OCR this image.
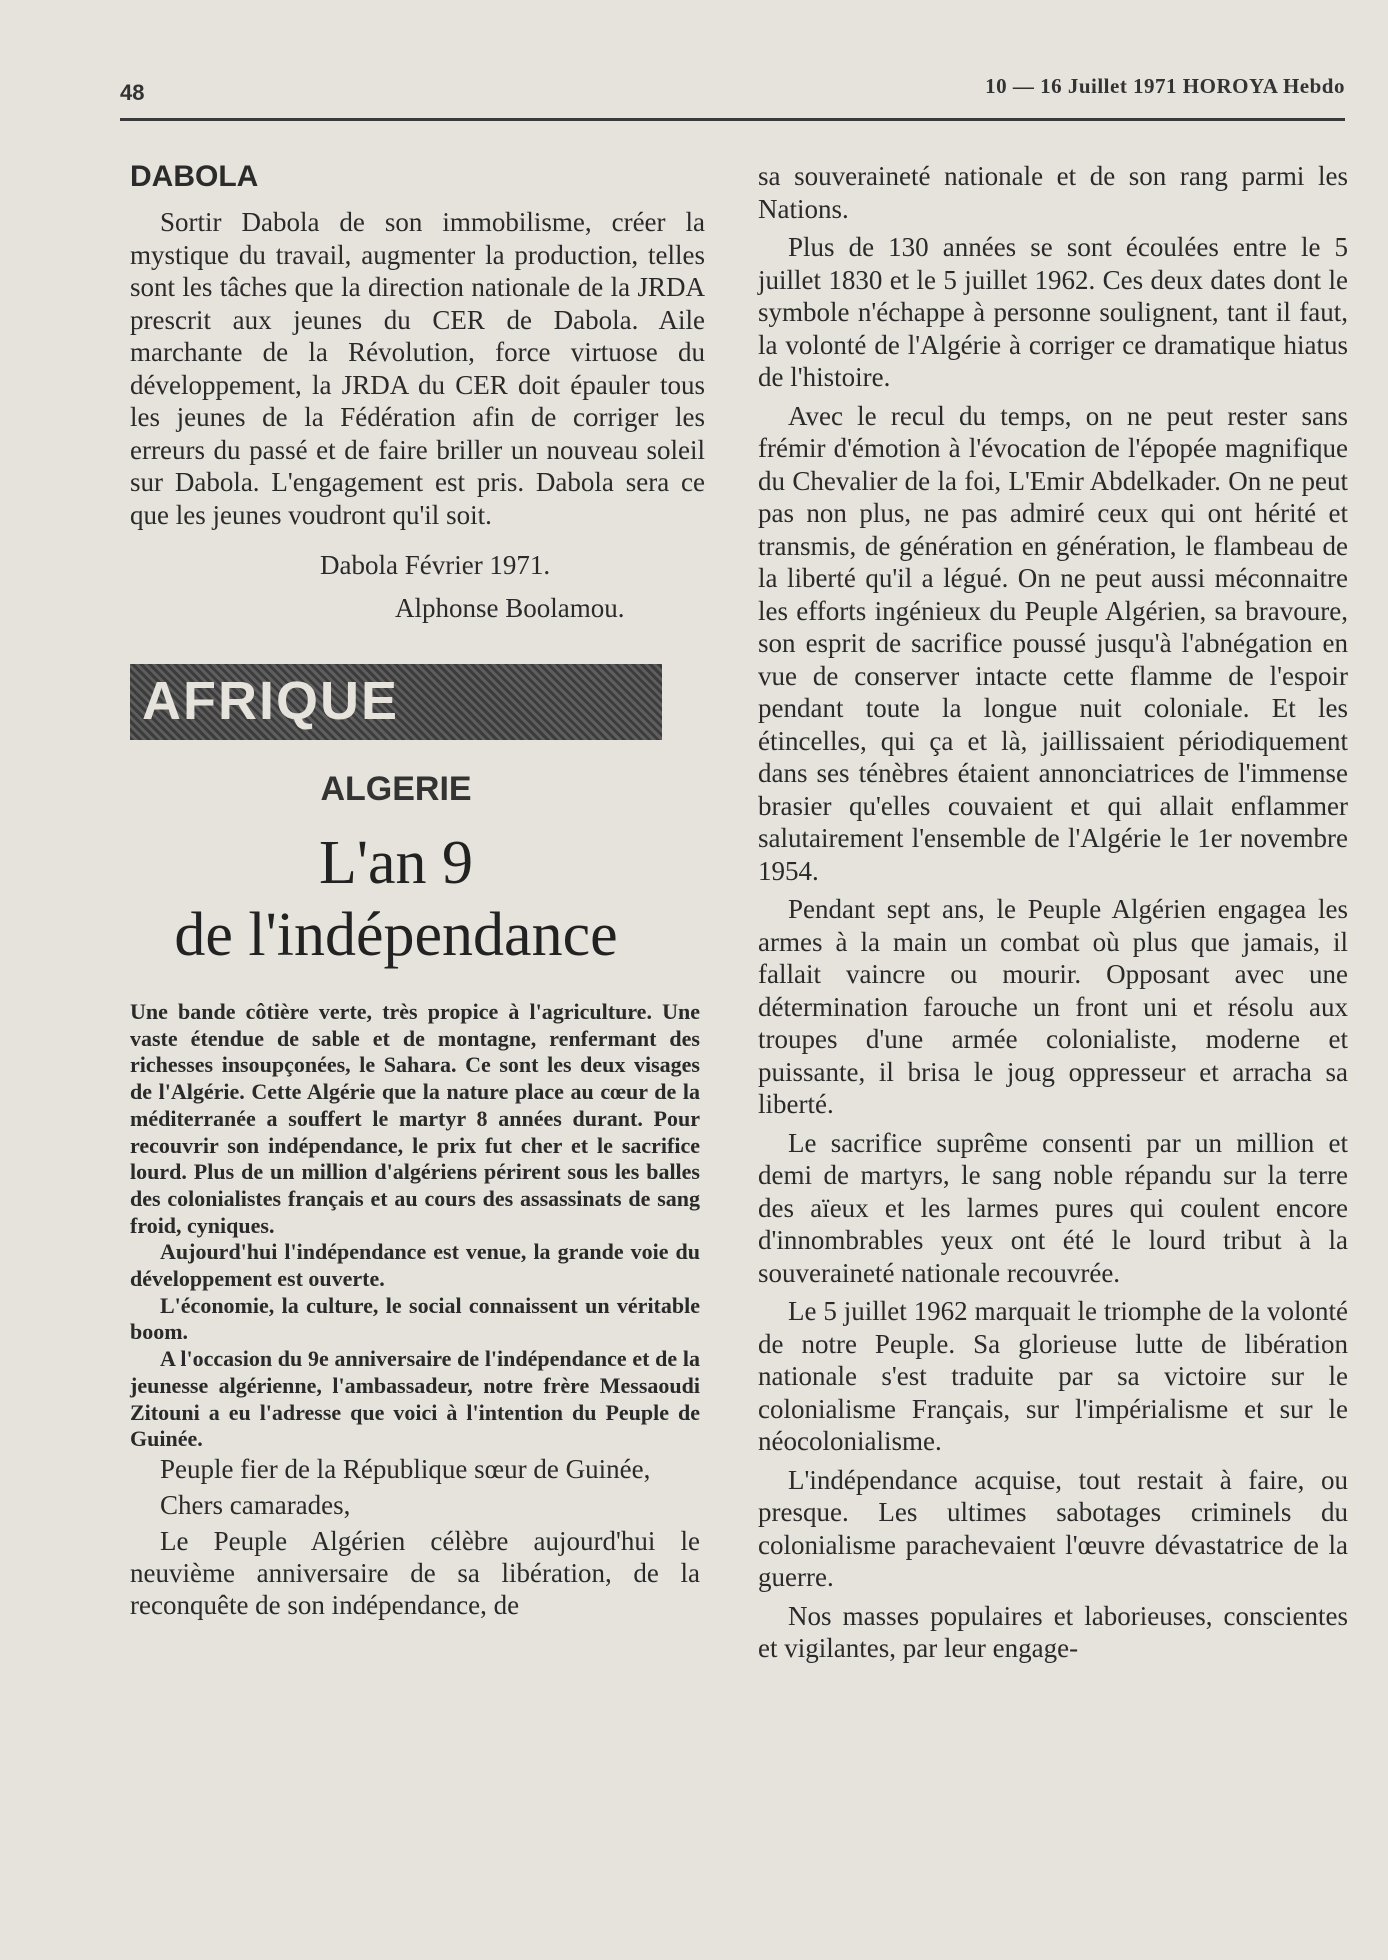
48	10 — 16 Juillet 1971 HOROYA Hebdo
DABOLA

Sortir Dabola de son immobilisme, créer la mystique du travail, augmenter la production, telles sont les tâches que la direction nationale de la JRDA prescrit aux jeunes du CER de Dabola. Aile marchante de la Révolution, force virtuose du développement, la JRDA du CER doit épauler tous les jeunes de la Fédération afin de corriger les erreurs du passé et de faire briller un nouveau soleil sur Dabola. L'engagement est pris. Dabola sera ce que les jeunes voudront qu'il soit.

Dabola Février 1971.

Alphonse Boolamou.

AFRIQUE
ALGERIE
L'an 9
de l'indépendance

Une bande côtière verte, très propice à l'agriculture. Une vaste étendue de sable et de montagne, renfermant des richesses insoupçonées, le Sahara. Ce sont les deux visages de l'Algérie. Cette Algérie que la nature place au cœur de la méditerranée a souffert le martyr 8 années durant. Pour recouvrir son indépendance, le prix fut cher et le sacrifice lourd. Plus de un million d'algériens périrent sous les balles des colonialistes français et au cours des assassinats de sang froid, cyniques.

Aujourd'hui l'indépendance est venue, la grande voie du développement est ouverte.

L'économie, la culture, le social connaissent un véritable boom.

A l'occasion du 9e anniversaire de l'indépendance et de la jeunesse algérienne, l'ambassadeur, notre frère Messaoudi Zitouni a eu l'adresse que voici à l'intention du Peuple de Guinée.

Peuple fier de la République sœur de Guinée,

Chers camarades,

Le Peuple Algérien célèbre aujourd'hui le neuvième anniversaire de sa libération, de la reconquête de son indépendance, de

sa souveraineté nationale et de son rang parmi les Nations.

Plus de 130 années se sont écoulées entre le 5 juillet 1830 et le 5 juillet 1962. Ces deux dates dont le symbole n'échappe à personne soulignent, tant il faut, la volonté de l'Algérie à corriger ce dramatique hiatus de l'histoire.

Avec le recul du temps, on ne peut rester sans frémir d'émotion à l'évocation de l'épopée magnifique du Chevalier de la foi, L'Emir Abdelkader. On ne peut pas non plus, ne pas admiré ceux qui ont hérité et transmis, de génération en génération, le flambeau de la liberté qu'il a légué. On ne peut aussi méconnaitre les efforts ingénieux du Peuple Algérien, sa bravoure, son esprit de sacrifice poussé jusqu'à l'abnégation en vue de conserver intacte cette flamme de l'espoir pendant toute la longue nuit coloniale. Et les étincelles, qui ça et là, jaillissaient périodiquement dans ses ténèbres étaient annonciatrices de l'immense brasier qu'elles couvaient et qui allait enflammer salutairement l'ensemble de l'Algérie le 1er novembre 1954.

Pendant sept ans, le Peuple Algérien engagea les armes à la main un combat où plus que jamais, il fallait vaincre ou mourir. Opposant avec une détermination farouche un front uni et résolu aux troupes d'une armée colonialiste, moderne et puissante, il brisa le joug oppresseur et arracha sa liberté.

Le sacrifice suprême consenti par un million et demi de martyrs, le sang noble répandu sur la terre des aïeux et les larmes pures qui coulent encore d'innombrables yeux ont été le lourd tribut à la souveraineté nationale recouvrée.

Le 5 juillet 1962 marquait le triomphe de la volonté de notre Peuple. Sa glorieuse lutte de libération nationale s'est traduite par sa victoire sur le colonialisme Français, sur l'impérialisme et sur le néocolonialisme.

L'indépendance acquise, tout restait à faire, ou presque. Les ultimes sabotages criminels du colonialisme parachevaient l'œuvre dévastatrice de la guerre.

Nos masses populaires et laborieuses, conscientes et vigilantes, par leur engage-
